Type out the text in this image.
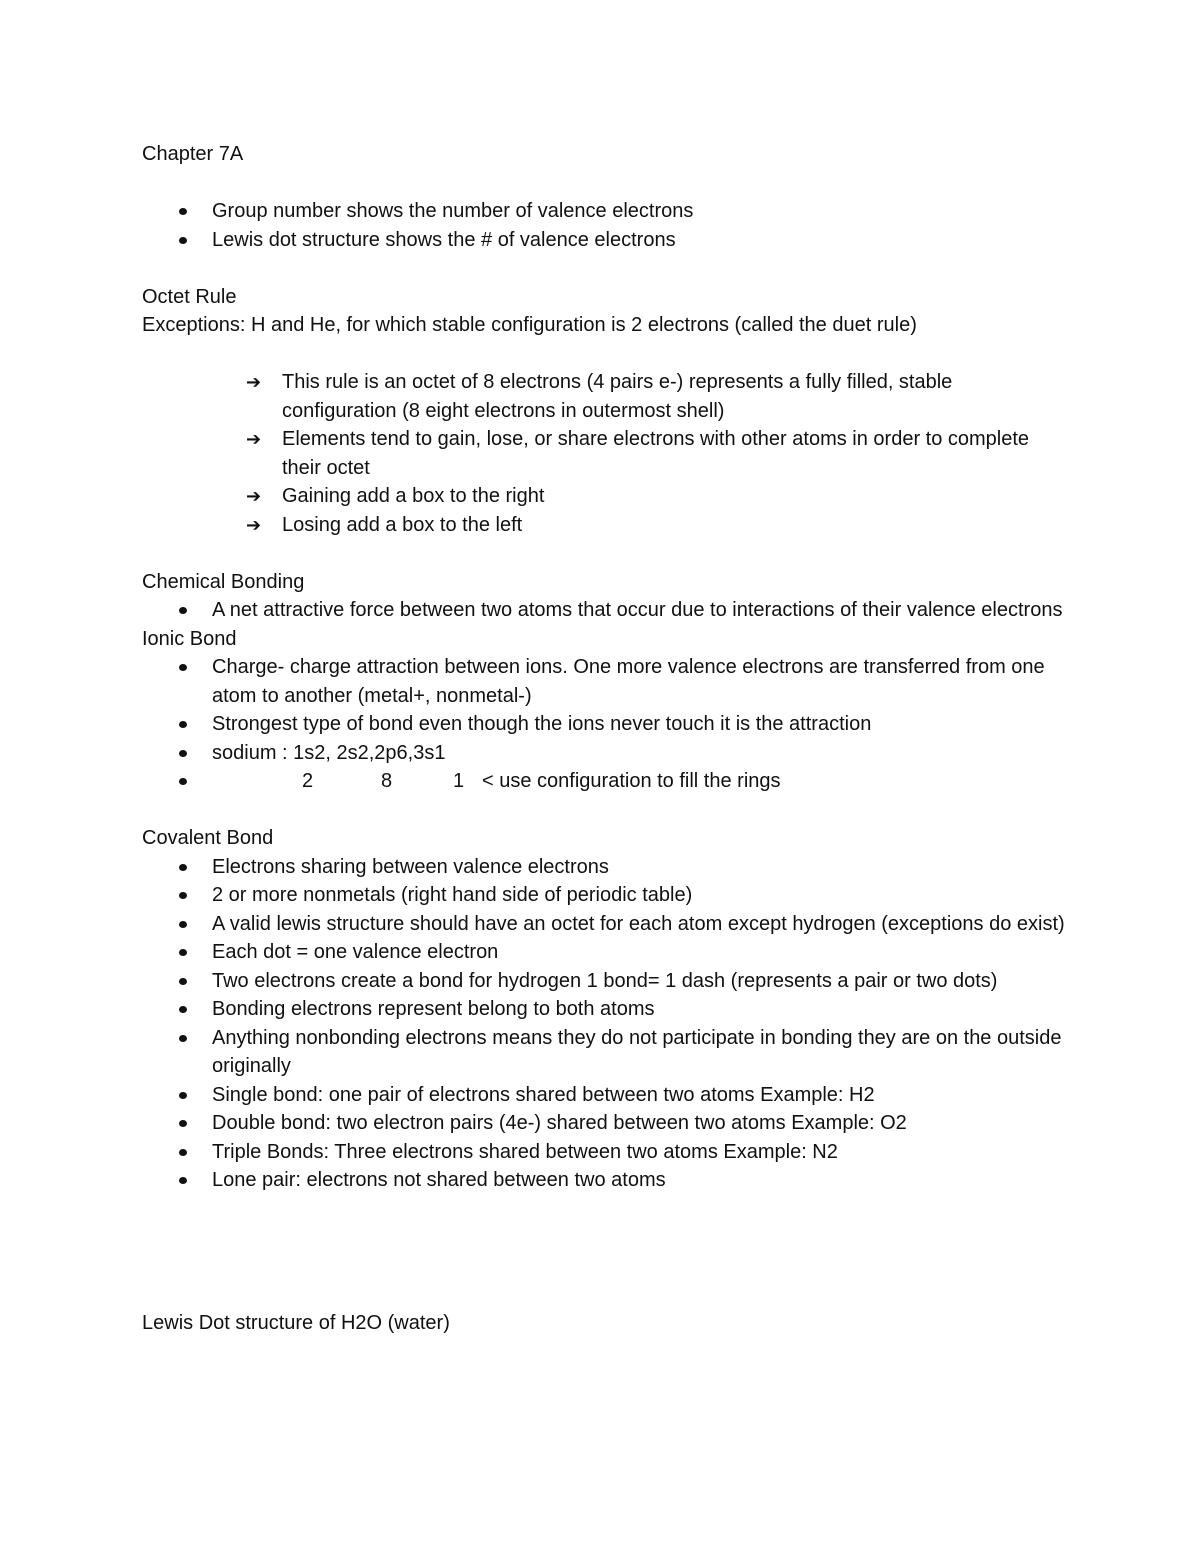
Chapter 7A

Group number shows the number of valence electrons
Lewis dot structure shows the # of valence electrons

Octet Rule

Exceptions: H and He, for which stable configuration is 2 electrons (called the duet rule)

➔ This rule is an octet of 8 electrons (4 pairs e-) represents a fully filled, stable configuration (8 eight electrons in outermost shell)
➔ Elements tend to gain, lose, or share electrons with other atoms in order to complete their octet
➔ Gaining add a box to the right
➔ Losing add a box to the left

Chemical Bonding

A net attractive force between two atoms that occur due to interactions of their valence electrons

Ionic Bond

Charge- charge attraction between ions. One more valence electrons are transferred from one atom to another (metal+, nonmetal-)
Strongest type of bond even though the ions never touch it is the attraction
sodium : 1s2, 2s2,2p6,3s1
2	8	1 < use configuration to fill the rings

Covalent Bond

Electrons sharing between valence electrons
2 or more nonmetals (right hand side of periodic table)
A valid lewis structure should have an octet for each atom except hydrogen (exceptions do exist)
Each dot = one valence electron
Two electrons create a bond for hydrogen 1 bond= 1 dash (represents a pair or two dots)
Bonding electrons represent belong to both atoms
Anything nonbonding electrons means they do not participate in bonding they are on the outside originally
Single bond: one pair of electrons shared between two atoms Example: H2
Double bond: two electron pairs (4e-) shared between two atoms Example: O2
Triple Bonds: Three electrons shared between two atoms Example: N2
Lone pair: electrons not shared between two atoms

Lewis Dot structure of H2O (water)
